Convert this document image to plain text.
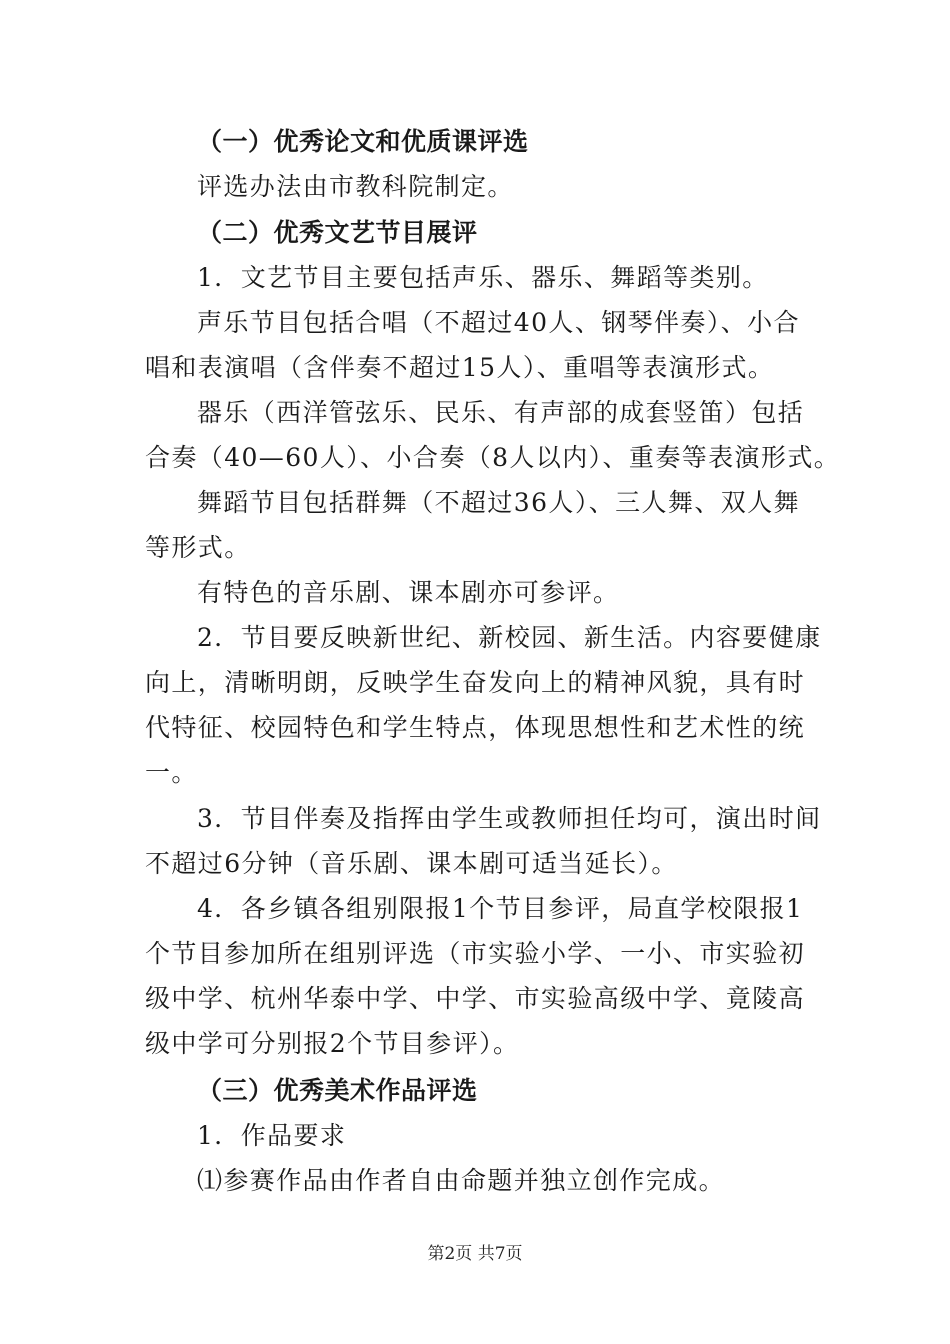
（一）优秀论文和优质课评选
评选办法由市教科院制定。
（二）优秀文艺节目展评
1．文艺节目主要包括声乐、器乐、舞蹈等类别。
声乐节目包括合唱（不超过40人、钢琴伴奏）、小合
唱和表演唱（含伴奏不超过15人）、重唱等表演形式。
器乐（西洋管弦乐、民乐、有声部的成套竖笛）包括
合奏（40—60人）、小合奏（8人以内）、重奏等表演形式。
舞蹈节目包括群舞（不超过36人）、三人舞、双人舞
等形式。
有特色的音乐剧、课本剧亦可参评。
2．节目要反映新世纪、新校园、新生活。内容要健康
向上，清晰明朗，反映学生奋发向上的精神风貌，具有时
代特征、校园特色和学生特点，体现思想性和艺术性的统
一。
3．节目伴奏及指挥由学生或教师担任均可，演出时间
不超过6分钟（音乐剧、课本剧可适当延长）。
4．各乡镇各组别限报1个节目参评，局直学校限报1
个节目参加所在组别评选（市实验小学、一小、市实验初
级中学、杭州华泰中学、中学、市实验高级中学、竟陵高
级中学可分别报2个节目参评）。
（三）优秀美术作品评选
1．作品要求
⑴参赛作品由作者自由命题并独立创作完成。
第2页 共7页
